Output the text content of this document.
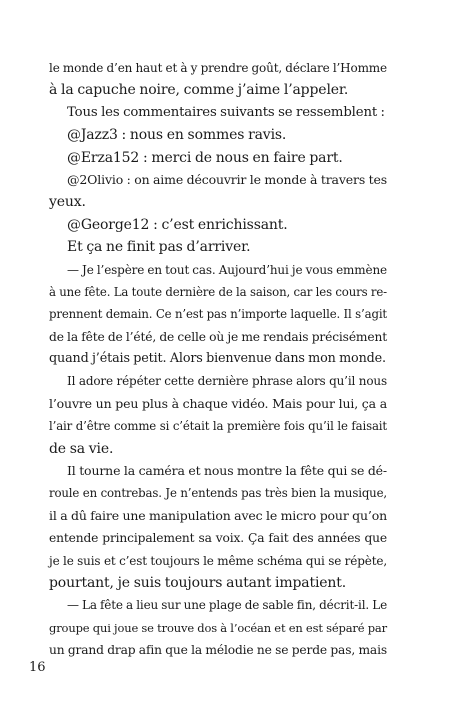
le monde d’en haut et à y prendre goût, déclare l’Homme
à la capuche noire, comme j’aime l’appeler.
Tous les commentaires suivants se ressemblent :
@Jazz3 : nous en sommes ravis.
@Erza152 : merci de nous en faire part.
@2Olivio : on aime découvrir le monde à travers tes
yeux.
@George12 : c’est enrichissant.
Et ça ne finit pas d’arriver.
— Je l’espère en tout cas. Aujourd’hui je vous emmène
à une fête. La toute dernière de la saison, car les cours re-
prennent demain. Ce n’est pas n’importe laquelle. Il s’agit
de la fête de l’été, de celle où je me rendais précisément
quand j’étais petit. Alors bienvenue dans mon monde.
Il adore répéter cette dernière phrase alors qu’il nous
l’ouvre un peu plus à chaque vidéo. Mais pour lui, ça a
l’air d’être comme si c’était la première fois qu’il le faisait
de sa vie.
Il tourne la caméra et nous montre la fête qui se dé-
roule en contrebas. Je n’entends pas très bien la musique,
il a dû faire une manipulation avec le micro pour qu’on
entende principalement sa voix. Ça fait des années que
je le suis et c’est toujours le même schéma qui se répète,
pourtant, je suis toujours autant impatient.
— La fête a lieu sur une plage de sable fin, décrit-il. Le
groupe qui joue se trouve dos à l’océan et en est séparé par
un grand drap afin que la mélodie ne se perde pas, mais
16
